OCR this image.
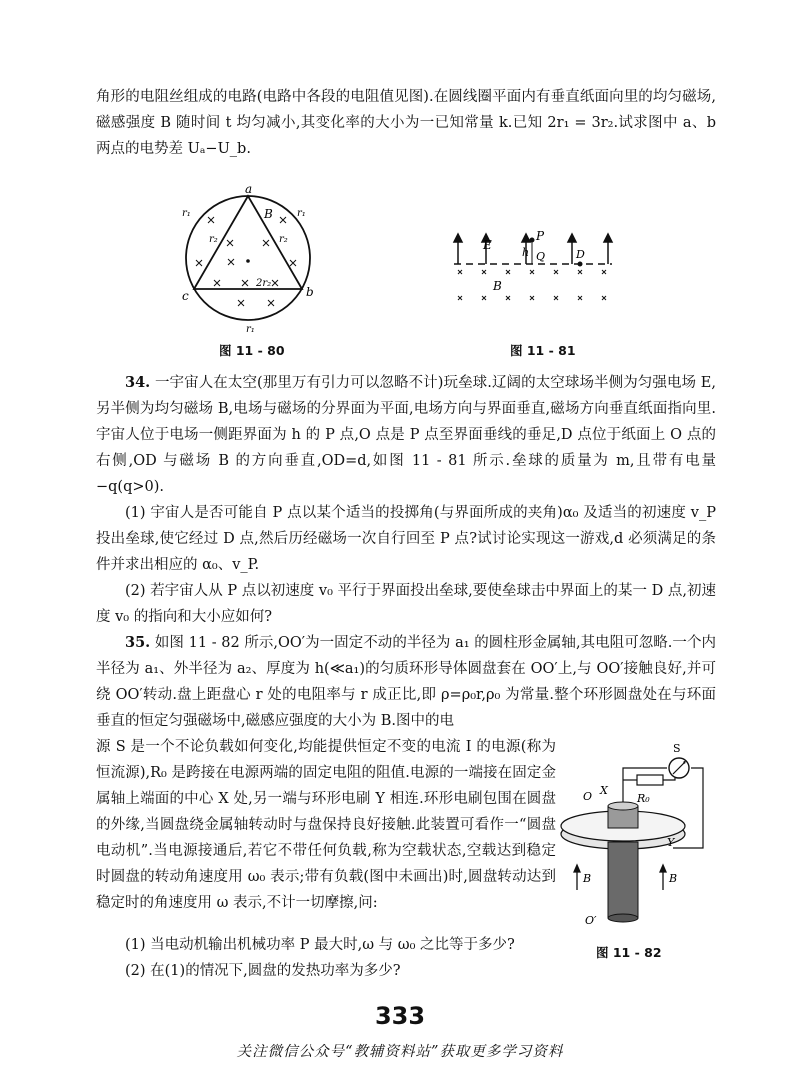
角形的电阻丝组成的电路(电路中各段的电阻值见图).在圆线圈平面内有垂直纸面向里的均匀磁场,磁感强度 B 随时间 t 均匀减小,其变化率的大小为一已知常量 k.已知 2r₁ = 3r₂.试求图中 a、b 两点的电势差 Uₐ−U_b.

a
B
r₁	r₁
r₂	r₂
2r₂
c	b
r₁
图 11 - 80
E
h
P
Q	D
B
图 11 - 81

34. 一宇宙人在太空(那里万有引力可以忽略不计)玩垒球.辽阔的太空球场半侧为匀强电场 E,另半侧为均匀磁场 B,电场与磁场的分界面为平面,电场方向与界面垂直,磁场方向垂直纸面指向里.宇宙人位于电场一侧距界面为 h 的 P 点,O 点是 P 点至界面垂线的垂足,D 点位于纸面上 O 点的右侧,OD 与磁场 B 的方向垂直,OD=d,如图 11 - 81 所示.垒球的质量为 m,且带有电量−q(q>0).

(1) 宇宙人是否可能自 P 点以某个适当的投掷角(与界面所成的夹角)α₀ 及适当的初速度 v_P 投出垒球,使它经过 D 点,然后历经磁场一次自行回至 P 点?试讨论实现这一游戏,d 必须满足的条件并求出相应的 α₀、v_P.

(2) 若宇宙人从 P 点以初速度 v₀ 平行于界面投出垒球,要使垒球击中界面上的某一 D 点,初速度 v₀ 的指向和大小应如何?

35. 如图 11 - 82 所示,OO′为一固定不动的半径为 a₁ 的圆柱形金属轴,其电阻可忽略.一个内半径为 a₁、外半径为 a₂、厚度为 h(≪a₁)的匀质环形导体圆盘套在 OO′上,与 OO′接触良好,并可绕 OO′转动.盘上距盘心 r 处的电阻率与 r 成正比,即 ρ=ρ₀r,ρ₀ 为常量.整个环形圆盘处在与环面垂直的恒定匀强磁场中,磁感应强度的大小为 B.图中的电

源 S 是一个不论负载如何变化,均能提供恒定不变的电流 I 的电源(称为恒流源),R₀ 是跨接在电源两端的固定电阻的阻值.电源的一端接在固定金属轴上端面的中心 X 处,另一端与环形电刷 Y 相连.环形电刷包围在圆盘的外缘,当圆盘绕金属轴转动时与盘保持良好接触.此装置可看作一“圆盘电动机”.当电源接通后,若它不带任何负载,称为空载状态,空载达到稳定时圆盘的转动角速度用 ω₀ 表示;带有负载(图中未画出)时,圆盘转动达到稳定时的角速度用 ω 表示,不计一切摩擦,问:

(1) 当电动机输出机械功率 P 最大时,ω 与 ω₀ 之比等于多少?

(2) 在(1)的情况下,圆盘的发热功率为多少?

S
X
R₀
O
Y
B	B
O′
图 11 - 82
333
关注微信公众号“教辅资料站”获取更多学习资料
